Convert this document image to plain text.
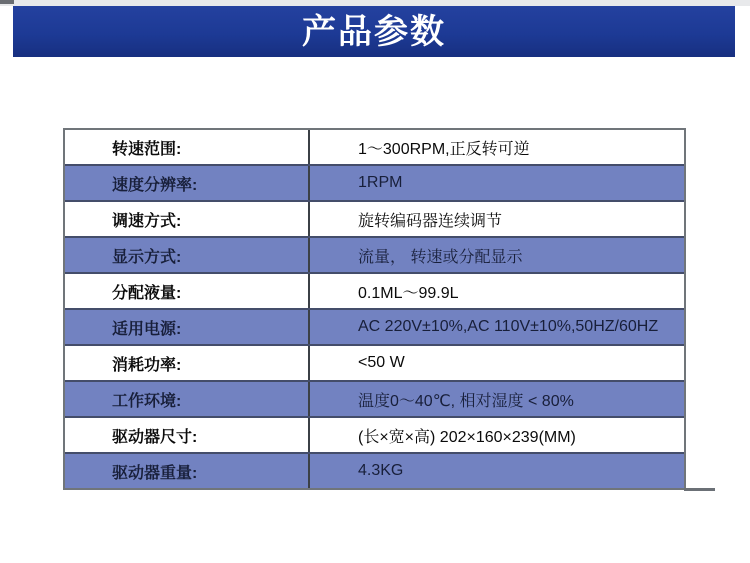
产品参数
转速范围:	1～300RPM,正反转可逆
速度分辨率:	1RPM
调速方式:	旋转编码器连续调节
显示方式:	流量， 转速或分配显示
分配液量:	0.1ML～99.9L
适用电源:	AC 220V±10%,AC 110V±10%,50HZ/60HZ
消耗功率:	<50 W
工作环境:	温度0～40℃, 相对湿度 < 80%
驱动器尺寸:	(长×宽×高) 202×160×239(MM)
驱动器重量:	4.3KG
